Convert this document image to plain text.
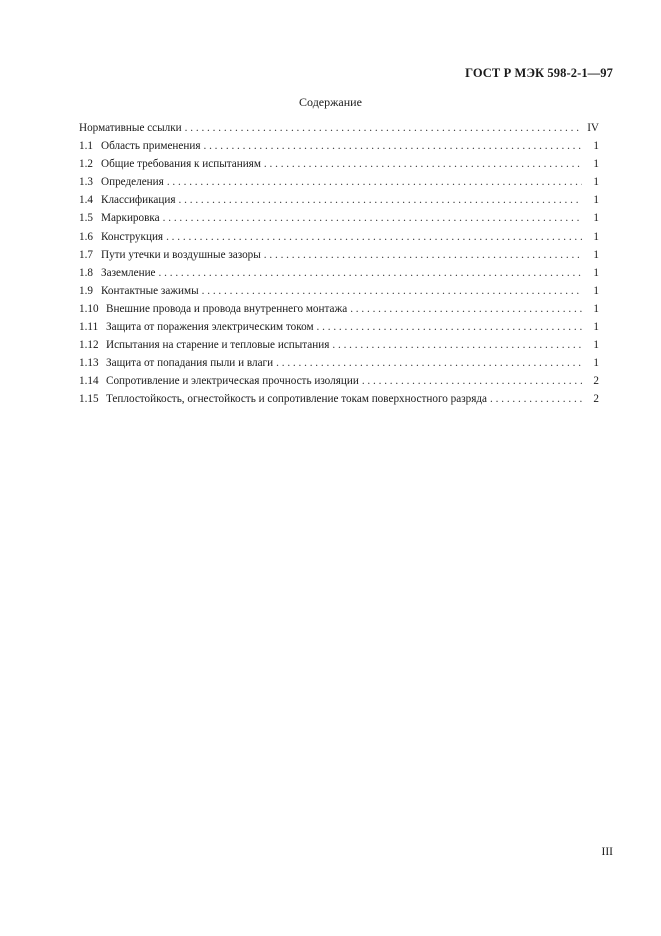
ГОСТ Р МЭК 598-2-1—97
Содержание
Нормативные ссылки . . .	IV
1.1 Область применения . . .	1
1.2 Общие требования к испытаниям . . .	1
1.3 Определения . . .	1
1.4 Классификация . . .	1
1.5 Маркировка . . .	1
1.6 Конструкция . . .	1
1.7 Пути утечки и воздушные зазоры . . .	1
1.8 Заземление . . .	1
1.9 Контактные зажимы . . .	1
1.10 Внешние провода и провода внутреннего монтажа . . .	1
1.11 Защита от поражения электрическим током . . .	1
1.12 Испытания на старение и тепловые испытания . . .	1
1.13 Защита от попадания пыли и влаги . . .	1
1.14 Сопротивление и электрическая прочность изоляции . . .	2
1.15 Теплостойкость, огнестойкость и сопротивление токам поверхностного разряда . . .	2
III
